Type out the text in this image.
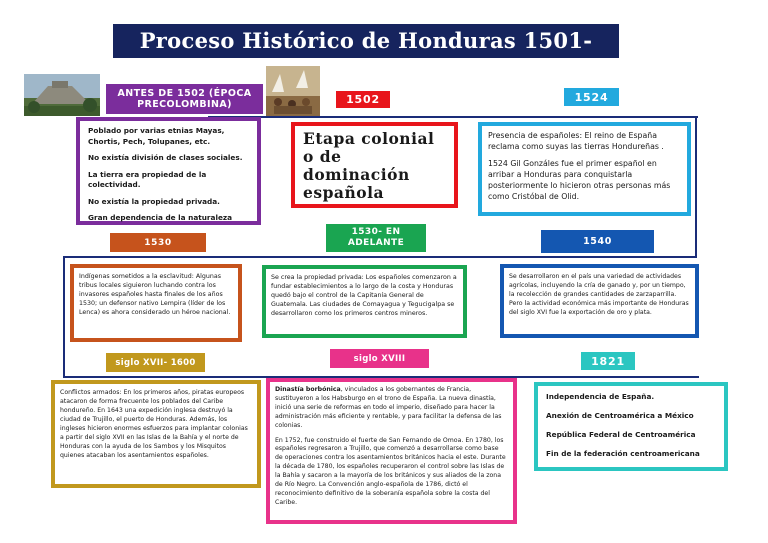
Proceso Histórico de Honduras 1501-1821
ANTES DE 1502 (ÉPOCA PRECOLOMBINA)	1502	1524
1530
1530- EN ADELANTE	1540
siglo XVII- 1600	siglo XVIII	1821

Poblado por varias etnias Mayas, Chortis, Pech, Tolupanes, etc.

No existía división de clases sociales.

La tierra era propiedad de la colectividad.

No existía la propiedad privada.

Gran dependencia de la naturaleza

Etapa colonial o de dominación española

Presencia de españoles: El reino de España reclama como suyas las tierras Hondureñas .

1524 Gil Gonzáles fue el primer español en arribar a Honduras para conquistarla posteriormente lo hicieron otras personas más como Cristóbal de Olid.

Indígenas sometidos a la esclavitud: Algunas tribus locales siguieron luchando contra los invasores españoles hasta finales de los años 1530; un defensor nativo Lempira (líder de los Lenca) es ahora considerado un héroe nacional.

Se crea la propiedad privada: Los españoles comenzaron a fundar establecimientos a lo largo de la costa y Honduras quedó bajo el control de la Capitanía General de Guatemala. Las ciudades de Comayagua y Tegucigalpa se desarrollaron como los primeros centros mineros.

Se desarrollaron en el país una variedad de actividades agrícolas, incluyendo la cría de ganado y, por un tiempo, la recolección de grandes cantidades de zarzaparrilla. Pero la actividad económica más importante de Honduras del siglo XVI fue la exportación de oro y plata.

Conflictos armados: En los primeros años, piratas europeos atacaron de forma frecuente los poblados del Caribe hondureño. En 1643 una expedición inglesa destruyó la ciudad de Trujillo, el puerto de Honduras. Además, los ingleses hicieron enormes esfuerzos para implantar colonias a partir del siglo XVII en las Islas de la Bahía y el norte de Honduras con la ayuda de los Sambos y los Misquitos quienes atacaban los asentamientos españoles.

Dinastía borbónica, vinculados a los gobernantes de Francia, sustituyeron a los Habsburgo en el trono de España. La nueva dinastía, inició una serie de reformas en todo el imperio, diseñado para hacer la administración más eficiente y rentable, y para facilitar la defensa de las colonias.

En 1752, fue construido el fuerte de San Fernando de Omoa. En 1780, los españoles regresaron a Trujillo, que comenzó a desarrollarse como base de operaciones contra los asentamientos británicos hacia el este. Durante la década de 1780, los españoles recuperaron el control sobre las Islas de la Bahía y sacaron a la mayoría de los británicos y sus aliados de la zona de Río Negro. La Convención anglo-española de 1786, dictó el reconocimiento definitivo de la soberanía española sobre la costa del Caribe.

Independencia de España.

Anexión de Centroamérica a México

República Federal de Centroamérica

Fin de la federación centroamericana
